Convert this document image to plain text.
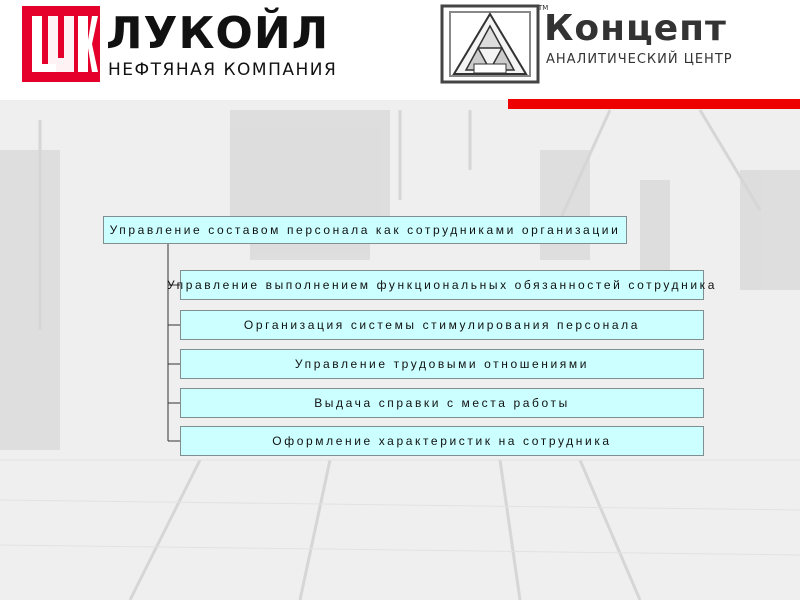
ЛУКОЙЛ
НЕФТЯНАЯ КОМПАНИЯ
TM
Концепт
АНАЛИТИЧЕСКИЙ ЦЕНТР
Управление составом персонала как сотрудниками организации
Управление выполнением функциональных обязанностей сотрудника
Организация системы стимулирования персонала
Управление трудовыми отношениями
Выдача справки с места работы
Оформление характеристик на сотрудника
